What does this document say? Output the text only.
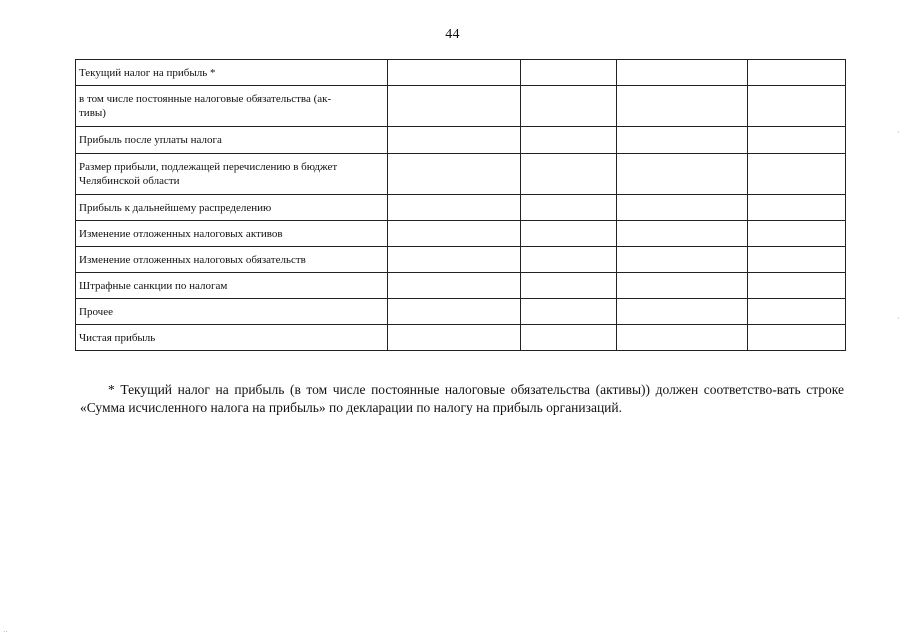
44
Текущий налог на прибыль *				
в том числе постоянные налоговые обязательства (ак-
тивы)				
Прибыль после уплаты налога				
Размер прибыли, подлежащей перечислению в бюджет
Челябинской области				
Прибыль к дальнейшему распределению				
Изменение отложенных налоговых активов				
Изменение отложенных налоговых обязательств				
Штрафные санкции по налогам				
Прочее				
Чистая прибыль				

* Текущий налог на прибыль (в том числе постоянные налоговые обязательства (активы)) должен соответство-вать строке «Сумма исчисленного налога на прибыль» по декларации по налогу на прибыль организаций.

·
·
··
